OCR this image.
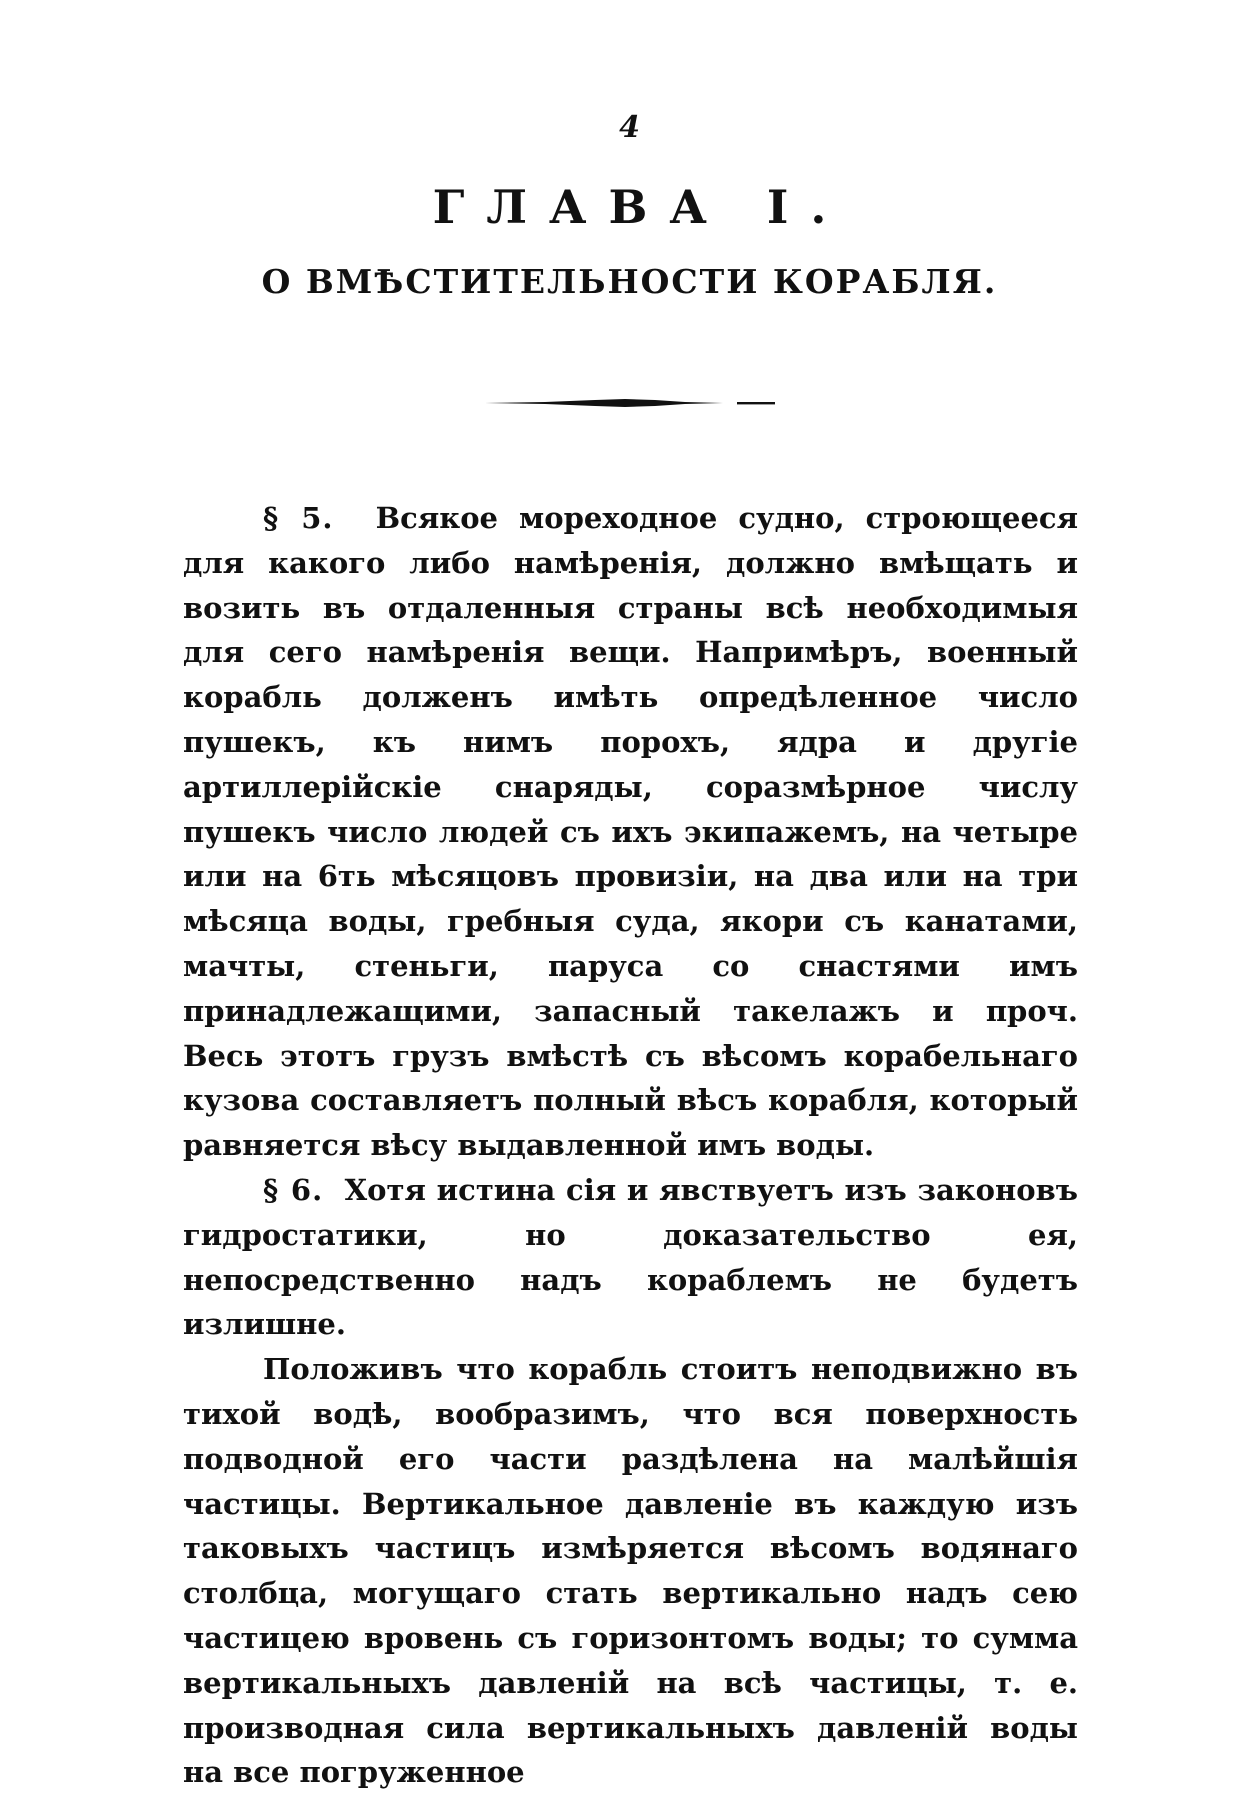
4
ГЛАВА I.
О ВМѢСТИТЕЛЬНОСТИ КОРАБЛЯ.

§ 5. Всякое мореходное судно, строющееся для какого либо намѣренія, должно вмѣщать и возить въ отдаленныя страны всѣ необходимыя для сего намѣренія вещи. Напримѣръ, военный корабль долженъ имѣть опредѣленное число пушекъ, къ нимъ порохъ, ядра и другіе артиллерійскіе снаряды, соразмѣрное числу пушекъ число людей съ ихъ экипажемъ, на четыре или на 6ть мѣсяцовъ провизіи, на два или на три мѣсяца воды, гребныя суда, якори съ канатами, мачты, стеньги, паруса со снастями имъ принадлежащими, запасный такелажъ и проч. Весь этотъ грузъ вмѣстѣ съ вѣсомъ корабельнаго кузова составляетъ полный вѣсъ корабля, который равняется вѣсу выдавленной имъ воды.

§ 6. Хотя истина сія и явствуетъ изъ законовъ гидростатики, но доказательство ея, непосредственно надъ кораблемъ не будетъ излишне.

Положивъ что корабль стоитъ неподвижно въ тихой водѣ, вообразимъ, что вся поверхность подводной его части раздѣлена на малѣйшія частицы. Вертикальное давленіе въ каждую изъ таковыхъ частицъ измѣряется вѣсомъ водянаго столбца, могущаго стать вертикально надъ сею частицею вровень съ горизонтомъ воды; то сумма вертикальныхъ давленій на всѣ частицы, т. е. производная сила вертикальныхъ давленій воды на все погруженное
